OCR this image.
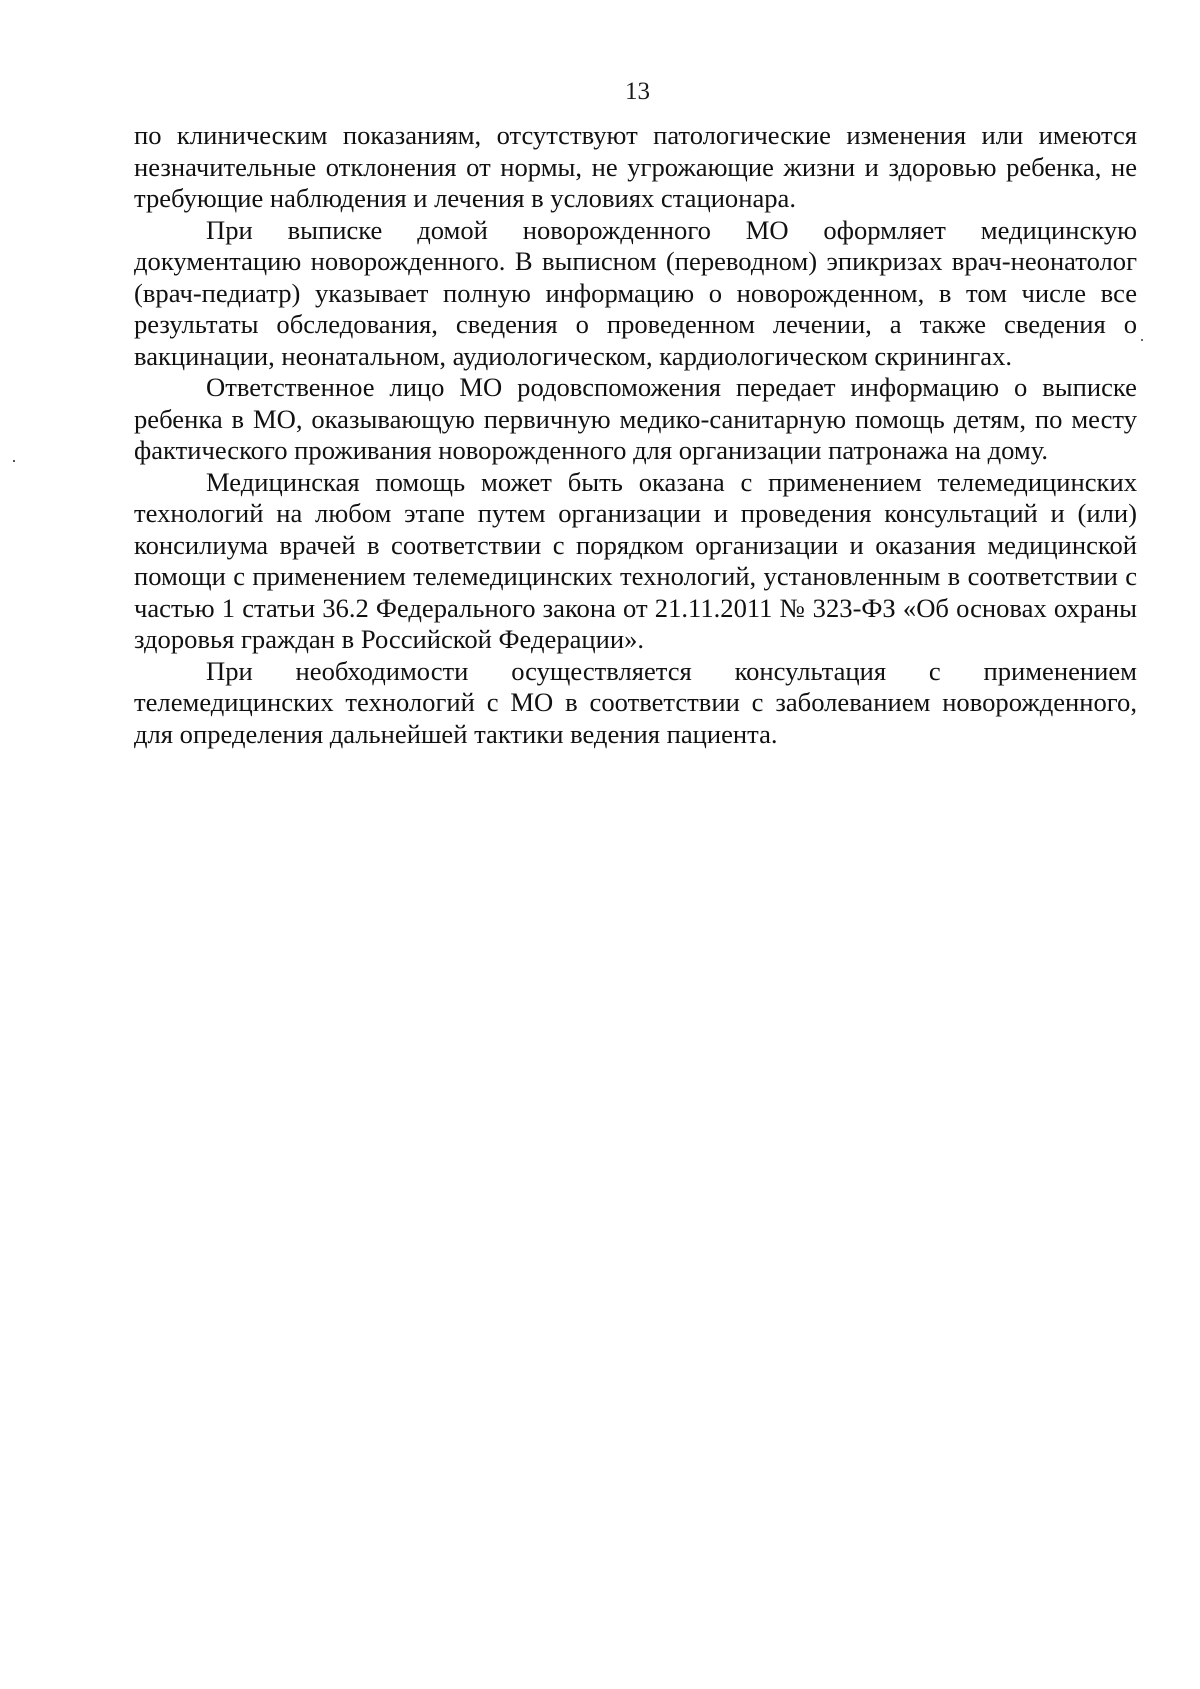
13

по клиническим показаниям, отсутствуют патологические изменения или имеются незначительные отклонения от нормы, не угрожающие жизни и здоровью ребенка, не требующие наблюдения и лечения в условиях стационара.

При выписке домой новорожденного МО оформляет медицинскую документацию новорожденного. В выписном (переводном) эпикризах врач-неонатолог (врач-педиатр) указывает полную информацию о новорожденном, в том числе все результаты обследования, сведения о проведенном лечении, а также сведения о вакцинации, неонатальном, аудиологическом, кардиологическом скринингах.

Ответственное лицо МО родовспоможения передает информацию о выписке ребенка в МО, оказывающую первичную медико-санитарную помощь детям, по месту фактического проживания новорожденного для организации патронажа на дому.

Медицинская помощь может быть оказана с применением телемедицинских технологий на любом этапе путем организации и проведения консультаций и (или) консилиума врачей в соответствии с порядком организации и оказания медицинской помощи с применением телемедицинских технологий, установленным в соответствии с частью 1 статьи 36.2 Федерального закона от 21.11.2011 № 323-ФЗ «Об основах охраны здоровья граждан в Российской Федерации».

При необходимости осуществляется консультация с применением телемедицинских технологий с МО в соответствии с заболеванием новорожденного, для определения дальнейшей тактики ведения пациента.
